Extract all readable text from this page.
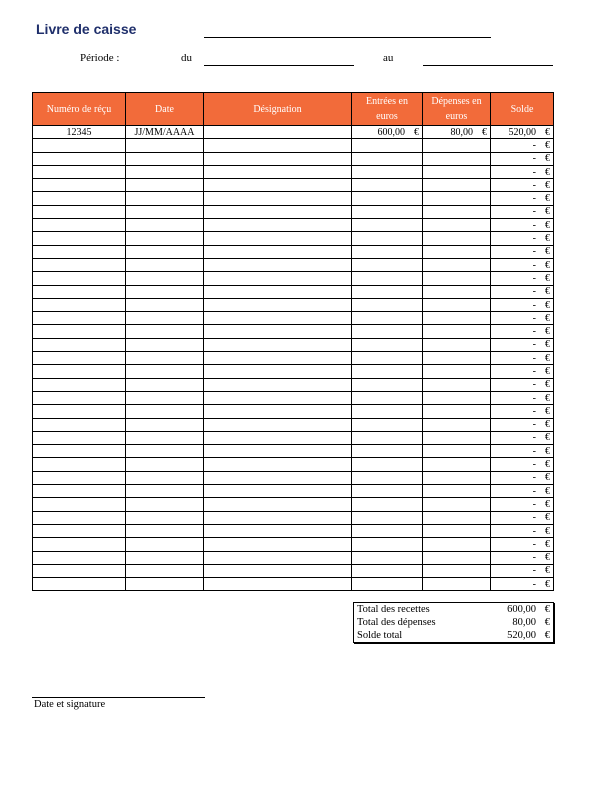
Livre de caisse
Période :	du	au
Numéro de réçu	Date	Désignation	Entrées en euros	Dépenses en euros	Solde
12345	JJ/MM/AAAA		600,00 €	80,00 €	520,00 €
					- €
					- €
					- €
					- €
					- €
					- €
					- €
					- €
					- €
					- €
					- €
					- €
					- €
					- €
					- €
					- €
					- €
					- €
					- €
					- €
					- €
					- €
					- €
					- €
					- €
					- €
					- €
					- €
					- €
					- €
					- €
					- €
					- €
					- €
Total des recettes	600,00 €
Total des dépenses	80,00 €
Solde total	520,00 €
Date et signature
